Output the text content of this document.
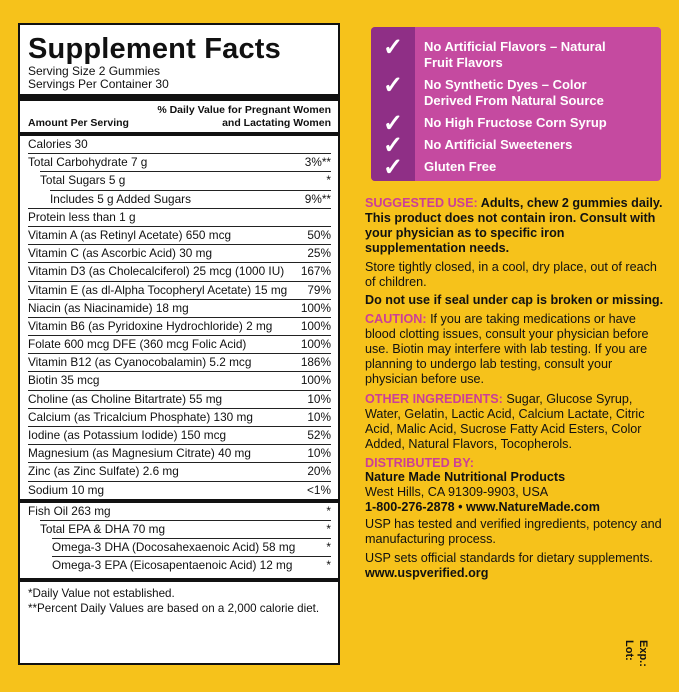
Supplement Facts
Serving Size 2 Gummies
Servings Per Container 30
Amount Per Serving
% Daily Value for Pregnant Women
and Lactating Women
Calories 30
Total Carbohydrate 7 g	3%**
Total Sugars 5 g	*
Includes 5 g Added Sugars	9%**
Protein less than 1 g
Vitamin A (as Retinyl Acetate) 650 mcg	50%
Vitamin C (as Ascorbic Acid) 30 mg	25%
Vitamin D3 (as Cholecalciferol) 25 mcg (1000 IU) 167%
Vitamin E (as dl-Alpha Tocopheryl Acetate) 15 mg 79%
Niacin (as Niacinamide) 18 mg	100%
Vitamin B6 (as Pyridoxine Hydrochloride) 2 mg 100%
Folate 600 mcg DFE (360 mcg Folic Acid)	100%
Vitamin B12 (as Cyanocobalamin) 5.2 mcg	186%
Biotin 35 mcg	100%
Choline (as Choline Bitartrate) 55 mg	10%
Calcium (as Tricalcium Phosphate) 130 mg	10%
Iodine (as Potassium Iodide) 150 mcg	52%
Magnesium (as Magnesium Citrate) 40 mg	10%
Zinc (as Zinc Sulfate) 2.6 mg	20%
Sodium 10 mg	<1%
Fish Oil 263 mg	*
Total EPA & DHA 70 mg	*
Omega-3 DHA (Docosahexaenoic Acid) 58 mg	*
Omega-3 EPA (Eicosapentaenoic Acid) 12 mg	*
*Daily Value not established.
**Percent Daily Values are based on a 2,000 calorie diet.
✓	No Artificial Flavors – Natural
Fruit Flavors
✓	No Synthetic Dyes – Color
Derived From Natural Source
✓	No High Fructose Corn Syrup
✓	No Artificial Sweeteners
✓	Gluten Free

SUGGESTED USE: Adults, chew 2 gummies daily. This product does not contain iron. Consult with your physician as to specific iron supplementation needs.

Store tightly closed, in a cool, dry place, out of reach of children.

Do not use if seal under cap is broken or missing.

CAUTION: If you are taking medications or have blood clotting issues, consult your physician before use. Biotin may interfere with lab testing. If you are planning to undergo lab testing, consult your physician before use.

OTHER INGREDIENTS: Sugar, Glucose Syrup, Water, Gelatin, Lactic Acid, Calcium Lactate, Citric Acid, Malic Acid, Sucrose Fatty Acid Esters, Color Added, Natural Flavors, Tocopherols.

DISTRIBUTED BY:
Nature Made Nutritional Products
West Hills, CA 91309-9903, USA
1-800-276-2878 • www.NatureMade.com

USP has tested and verified ingredients, potency and manufacturing process.

USP sets official standards for dietary supplements. www.uspverified.org

Lot: Exp.:
